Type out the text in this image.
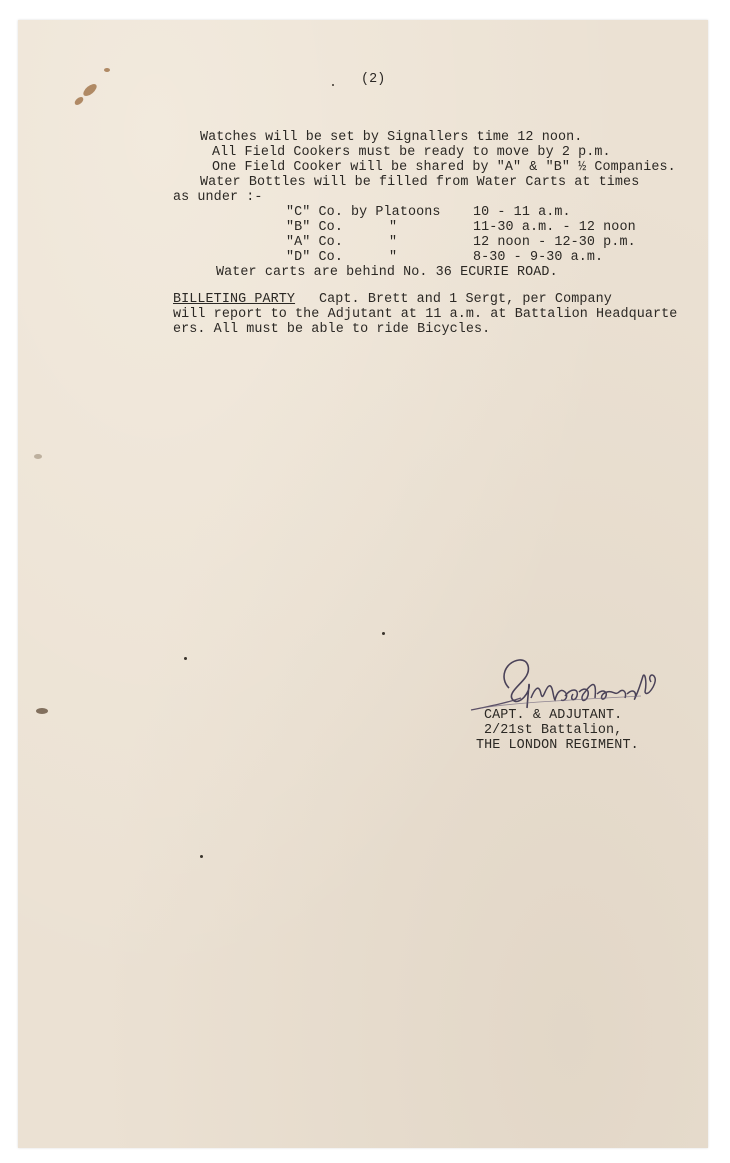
(2)
Watches will be set by Signallers time 12 noon.
All Field Cookers must be ready to move by 2 p.m.
One Field Cooker will be shared by "A" & "B" ½ Companies.
Water Bottles will be filled from Water Carts at times
as under :-
"C" Co. by Platoons 10 - 11 a.m.
"B" Co.	"	11-30 a.m. - 12 noon
"A" Co.	"	12 noon - 12-30 p.m.
"D" Co.	"	8-30 - 9-30 a.m.
Water carts are behind No. 36 ECURIE ROAD.
BILLETING PARTY Capt. Brett and 1 Sergt, per Company
will report to the Adjutant at 11 a.m. at Battalion Headquarte
ers. All must be able to ride Bicycles.
CAPT. & ADJUTANT.
2/21st Battalion,
THE LONDON REGIMENT.
